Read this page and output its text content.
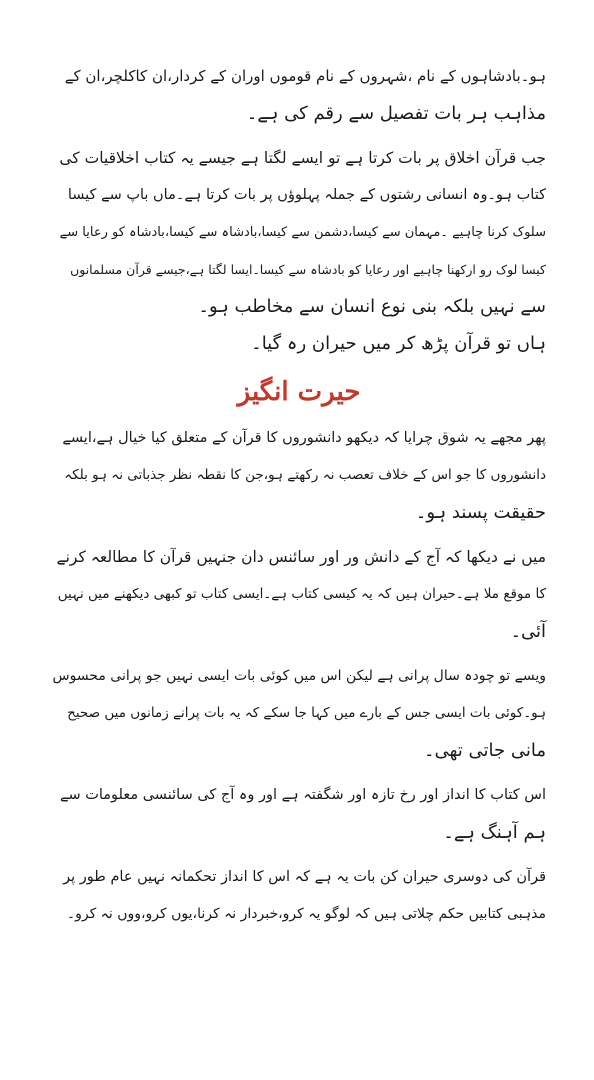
ہو۔بادشاہوں کے نام ،شہروں کے نام قوموں اوران کے کردار،ان کاکلچر،ان کے
مذاہب ہر بات تفصیل سے رقم کی ہے۔

جب قرآن اخلاق پر بات کرتا ہے تو ایسے لگتا ہے جیسے یہ کتاب اخلاقیات کی
کتاب ہو۔وہ انسانی رشتوں کے جملہ پہلوؤں پر بات کرتا ہے۔ماں باپ سے کیسا
سلوک کرنا چاہیے ۔مہمان سے کیسا،دشمن سے کیسا،بادشاہ سے کیسا،بادشاہ کو رعایا سے
کیسا لوک رو ارکھنا چاہیے اور رعایا کو بادشاہ سے کیسا۔ایسا لگتا ہے،جیسے قرآن مسلمانوں
سے نہیں بلکہ بنی نوع انسان سے مخاطب ہو۔
ہاں تو قرآن پڑھ کر میں حیران رہ گیا۔

حیرت انگیز

پھر مجھے یہ شوق چرایا کہ دیکھو دانشوروں کا قرآن کے متعلق کیا خیال ہے،ایسے
دانشوروں کا جو اس کے خلاف تعصب نہ رکھتے ہو،جن کا نقطہ نظر جذباتی نہ ہو بلکہ
حقیقت پسند ہو۔

میں نے دیکھا کہ آج کے دانش ور اور سائنس دان جنہیں قرآن کا مطالعہ کرنے
کا موقع ملا ہے۔حیران ہیں کہ یہ کیسی کتاب ہے۔ایسی کتاب تو کبھی دیکھنے میں نہیں
آئی۔

ویسے تو چودہ سال پرانی ہے لیکن اس میں کوئی بات ایسی نہیں جو پرانی محسوس
ہو۔کوئی بات ایسی جس کے بارے میں کہا جا سکے کہ یہ بات پرانے زمانوں میں صحیح
مانی جاتی تھی۔

اس کتاب کا انداز اور رخ تازہ اور شگفتہ ہے اور وہ آج کی سائنسی معلومات سے
ہم آہنگ ہے۔

قرآن کی دوسری حیران کن بات یہ ہے کہ اس کا انداز تحکمانہ نہیں عام طور پر
مذہبی کتابیں حکم چلاتی ہیں کہ لوگو یہ کرو،خبردار نہ کرنا،یوں کرو،ووں نہ کرو۔
